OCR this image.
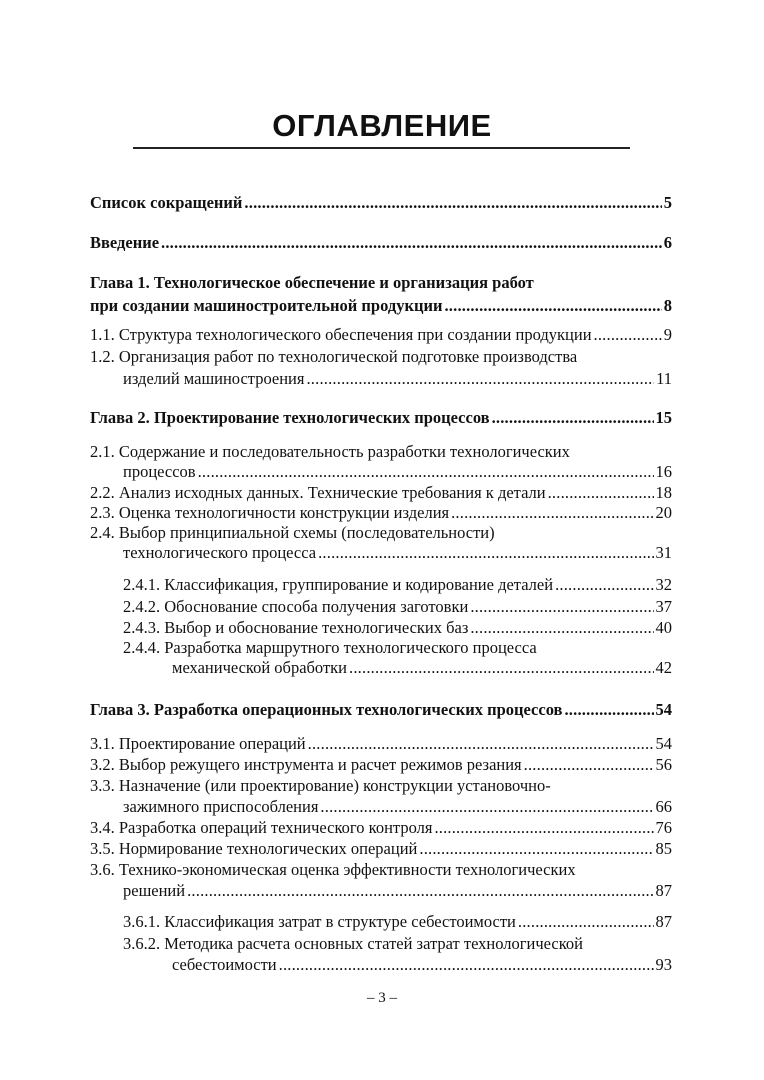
ОГЛАВЛЕНИЕ
Список сокращений .....	5
Введение .....	6
Глава 1. Технологическое обеспечение и организация работ
при создании машиностроительной продукции .....	8
1.1. Структура технологического обеспечения при создании продукции .....	9
1.2. Организация работ по технологической подготовке производства
изделий машиностроения .....	11
Глава 2. Проектирование технологических процессов .....	15
2.1. Содержание и последовательность разработки технологических
процессов .....	16
2.2. Анализ исходных данных. Технические требования к детали .....	18
2.3. Оценка технологичности конструкции изделия .....	20
2.4. Выбор принципиальной схемы (последовательности)
технологического процесса .....	31
2.4.1. Классификация, группирование и кодирование деталей .....	32
2.4.2. Обоснование способа получения заготовки .....	37
2.4.3. Выбор и обоснование технологических баз .....	40
2.4.4. Разработка маршрутного технологического процесса
механической обработки .....	42
Глава 3. Разработка операционных технологических процессов .....	54
3.1. Проектирование операций .....	54
3.2. Выбор режущего инструмента и расчет режимов резания .....	56
3.3. Назначение (или проектирование) конструкции установочно-
зажимного приспособления .....	66
3.4. Разработка операций технического контроля .....	76
3.5. Нормирование технологических операций .....	85
3.6. Технико-экономическая оценка эффективности технологических
решений .....	87
3.6.1. Классификация затрат в структуре себестоимости .....	87
3.6.2. Методика расчета основных статей затрат технологической
себестоимости .....	93
– 3 –
